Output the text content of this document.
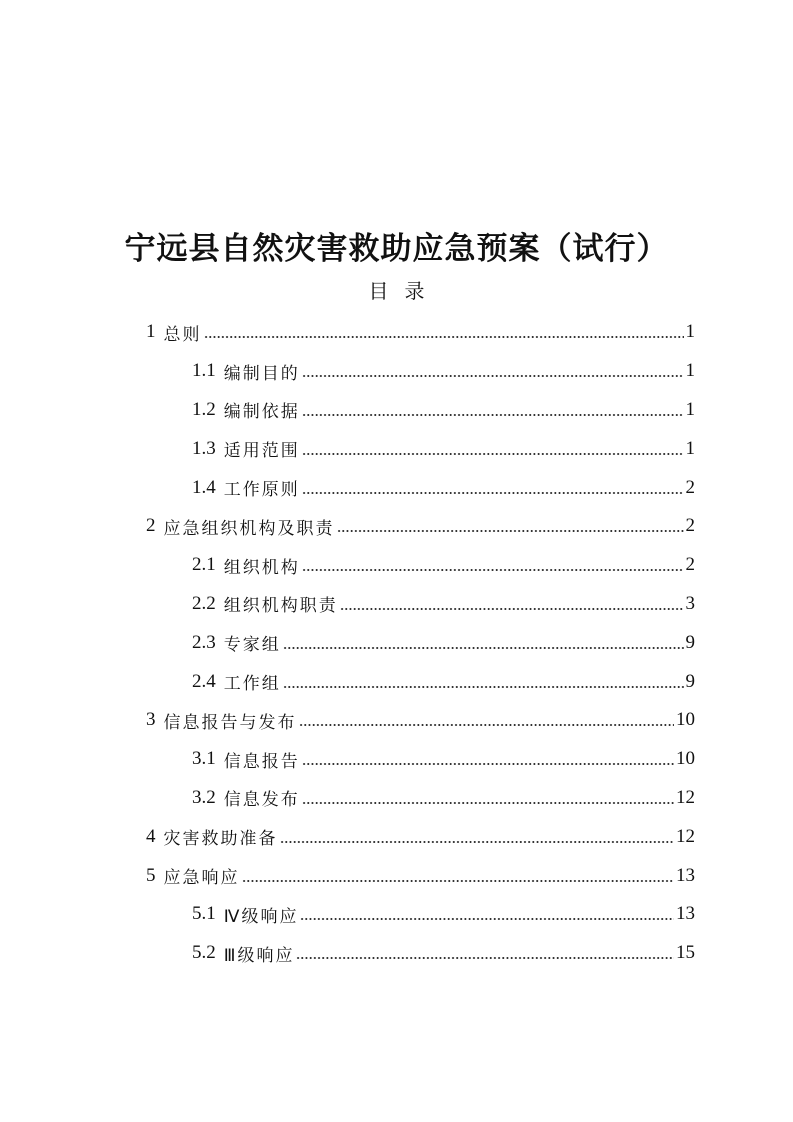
宁远县自然灾害救助应急预案（试行）
目录
1 总则	1
1.1 编制目的	1
1.2 编制依据	1
1.3 适用范围	1
1.4 工作原则	2
2 应急组织机构及职责	2
2.1 组织机构	2
2.2 组织机构职责	3
2.3 专家组	9
2.4 工作组	9
3 信息报告与发布	10
3.1 信息报告	10
3.2 信息发布	12
4 灾害救助准备	12
5 应急响应	13
5.1 Ⅳ级响应	13
5.2 Ⅲ级响应	15
